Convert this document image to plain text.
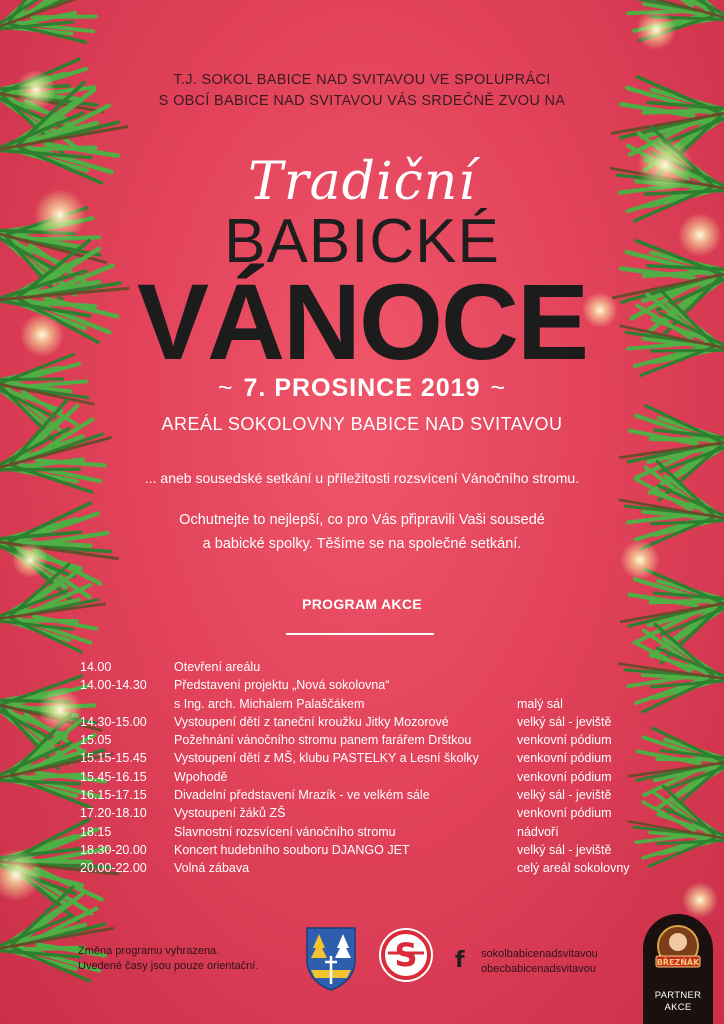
T.J. SOKOL BABICE NAD SVITAVOU VE SPOLUPRÁCI
S OBCÍ BABICE NAD SVITAVOU VÁS SRDEČNĚ ZVOU NA
Tradiční
BABICKÉ
VÁNOCE
~ 7. PROSINCE 2019 ~
AREÁL SOKOLOVNY BABICE NAD SVITAVOU
... aneb sousedské setkání u příležitosti rozsvícení Vánočního stromu.
Ochutnejte to nejlepší, co pro Vás připravili Vaši sousedé
a babické spolky. Těšíme se na společné setkání.
PROGRAM AKCE
14.00	Otevření areálu
14.00-14.30 Představení projektu „Nová sokolovna“
s Ing. arch. Michalem Palaščákem	malý sál
14.30-15.00 Vystoupení dětí z taneční kroužku Jitky Mozorové	velký sál - jeviště
15.05	Požehnání vánočního stromu panem farářem Drštkou	venkovní pódium
15.15-15.45 Vystoupení dětí z MŠ, klubu PASTELKY a Lesní školky	venkovní pódium
15.45-16.15 Wpohodě	venkovní pódium
16.15-17.15 Divadelní představení Mrazík - ve velkém sále	velký sál - jeviště
17.20-18.10 Vystoupení žáků ZŠ	venkovní pódium
18.15	Slavnostní rozsvícení vánočního stromu	nádvoří
18.30-20.00 Koncert hudebního souboru DJANGO JET	velký sál - jeviště
20.00-22.00 Volná zábava	celý areál sokolovny
Změna programu vyhrazena.
Uvedené časy jsou pouze orientační.	S f	sokolbabicenadsvitavou
obecbabicenadsvitavou
BŘEZŇÁK
PARTNER
AKCE
